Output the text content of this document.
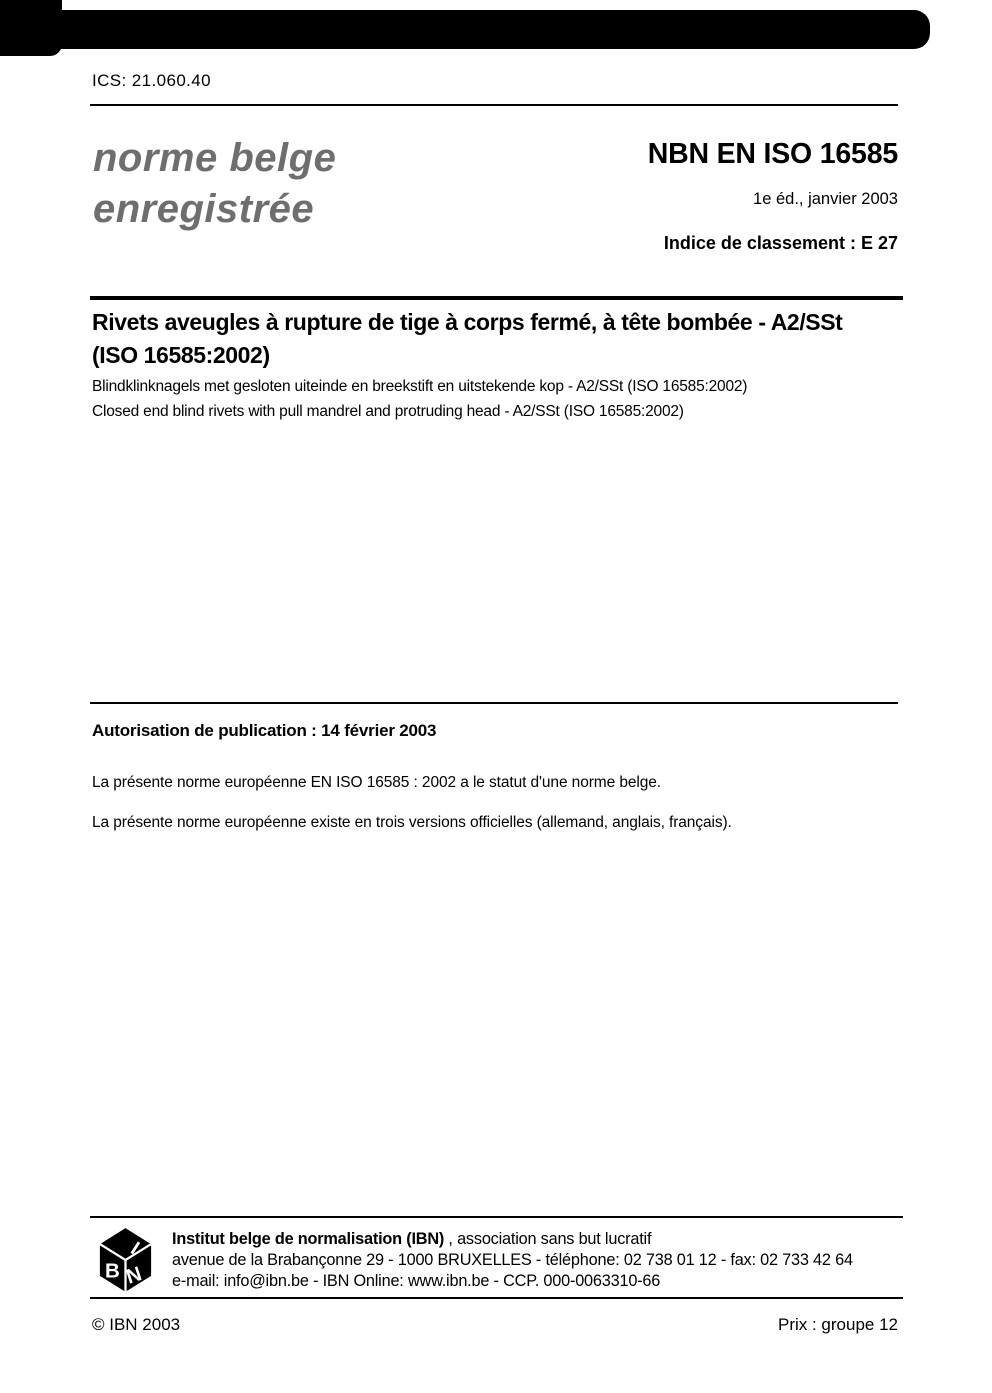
ICS: 21.060.40
norme belge
enregistrée
NBN EN ISO 16585
1e éd., janvier 2003
Indice de classement : E 27
Rivets aveugles à rupture de tige à corps fermé, à tête bombée - A2/SSt
(ISO 16585:2002)
Blindklinknagels met gesloten uiteinde en breekstift en uitstekende kop - A2/SSt (ISO 16585:2002)
Closed end blind rivets with pull mandrel and protruding head - A2/SSt (ISO 16585:2002)
Autorisation de publication : 14 février 2003
La présente norme européenne EN ISO 16585 : 2002 a le statut d'une norme belge.
La présente norme européenne existe en trois versions officielles (allemand, anglais, français).
I
B N
Institut belge de normalisation (IBN) , association sans but lucratif
avenue de la Brabançonne 29 - 1000 BRUXELLES - téléphone: 02 738 01 12 - fax: 02 733 42 64
e-mail: info@ibn.be - IBN Online: www.ibn.be - CCP. 000-0063310-66
© IBN 2003	Prix : groupe 12
